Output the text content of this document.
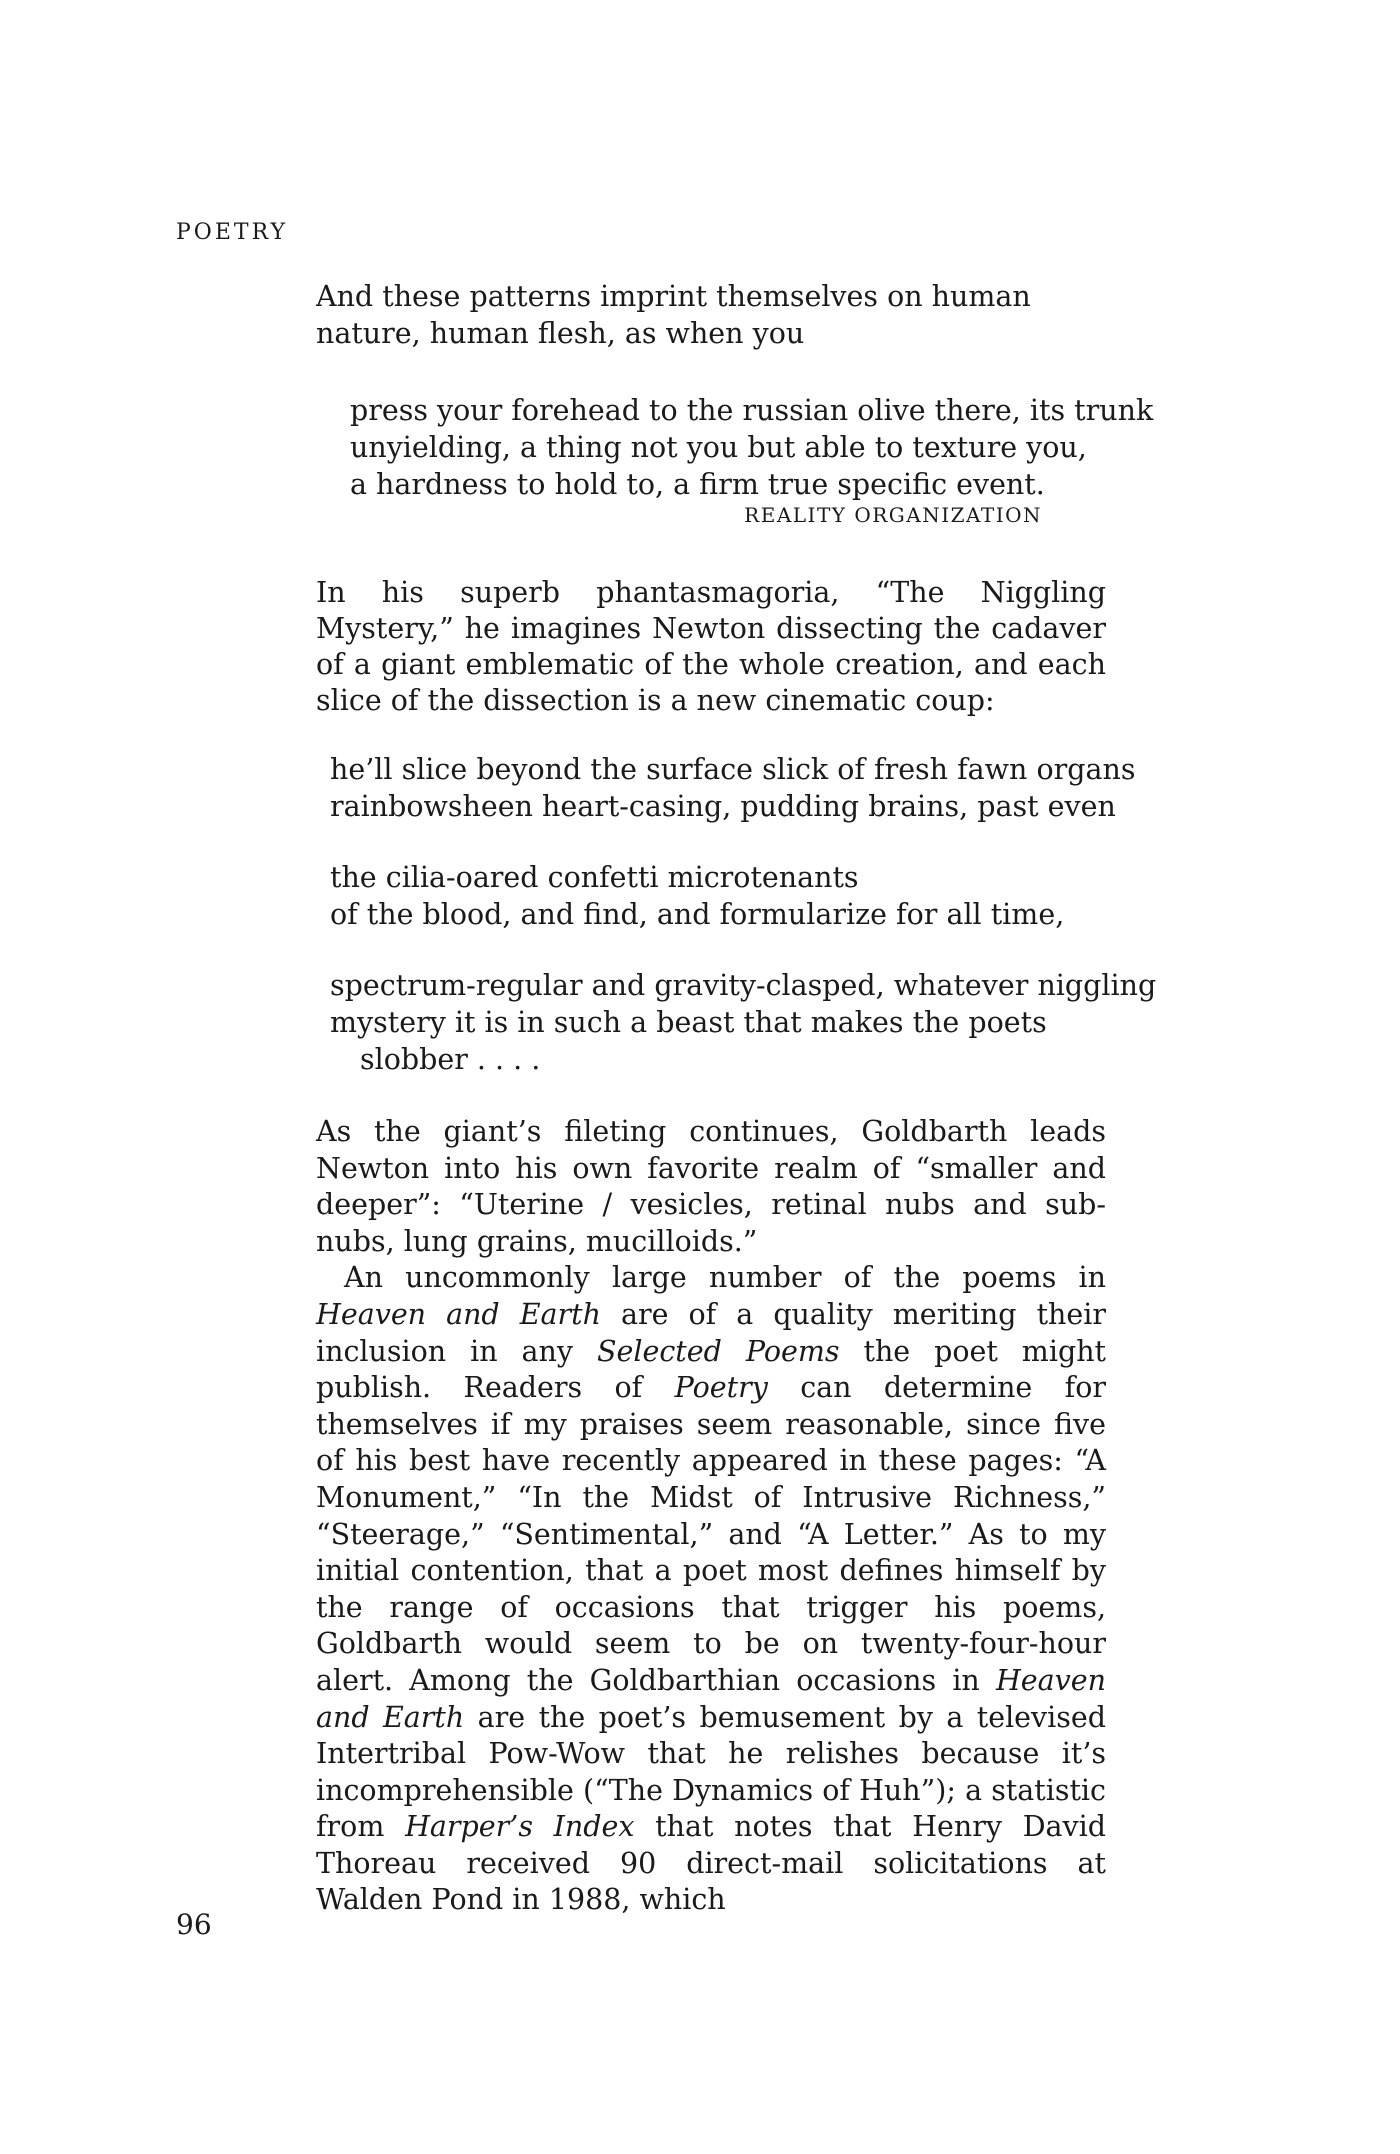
POETRY

And these patterns imprint themselves on human nature, human flesh, as when you

press your forehead to the russian olive there, its trunk
unyielding, a thing not you but able to texture you,
a hardness to hold to, a firm true specific event.
REALITY ORGANIZATION

In his superb phantasmagoria, “The Niggling Mystery,” he imagines Newton dissecting the cadaver of a giant emblematic of the whole creation, and each slice of the dissection is a new cinematic coup:

he’ll slice beyond the surface slick of fresh fawn organs
rainbowsheen heart-casing, pudding brains, past even
the cilia-oared confetti microtenants
of the blood, and find, and formularize for all time,
spectrum-regular and gravity-clasped, whatever niggling
mystery it is in such a beast that makes the poets
slobber . . . .

As the giant’s fileting continues, Goldbarth leads Newton into his own favorite realm of “smaller and deeper”: “Uterine / vesicles, retinal nubs and sub-nubs, lung grains, mucilloids.”

An uncommonly large number of the poems in Heaven and Earth are of a quality meriting their inclusion in any Selected Poems the poet might publish. Readers of Poetry can determine for themselves if my praises seem reasonable, since five of his best have recently appeared in these pages: “A Monument,” “In the Midst of Intrusive Richness,” “Steerage,” “Sentimental,” and “A Letter.” As to my initial contention, that a poet most defines himself by the range of occasions that trigger his poems, Goldbarth would seem to be on twenty-four-hour alert. Among the Goldbarthian occasions in Heaven and Earth are the poet’s bemusement by a televised Intertribal Pow-Wow that he relishes because it’s incomprehensible (“The Dynamics of Huh”); a statistic from Harper’s Index that notes that Henry David Thoreau received 90 direct-mail solicitations at Walden Pond in 1988, which

96
